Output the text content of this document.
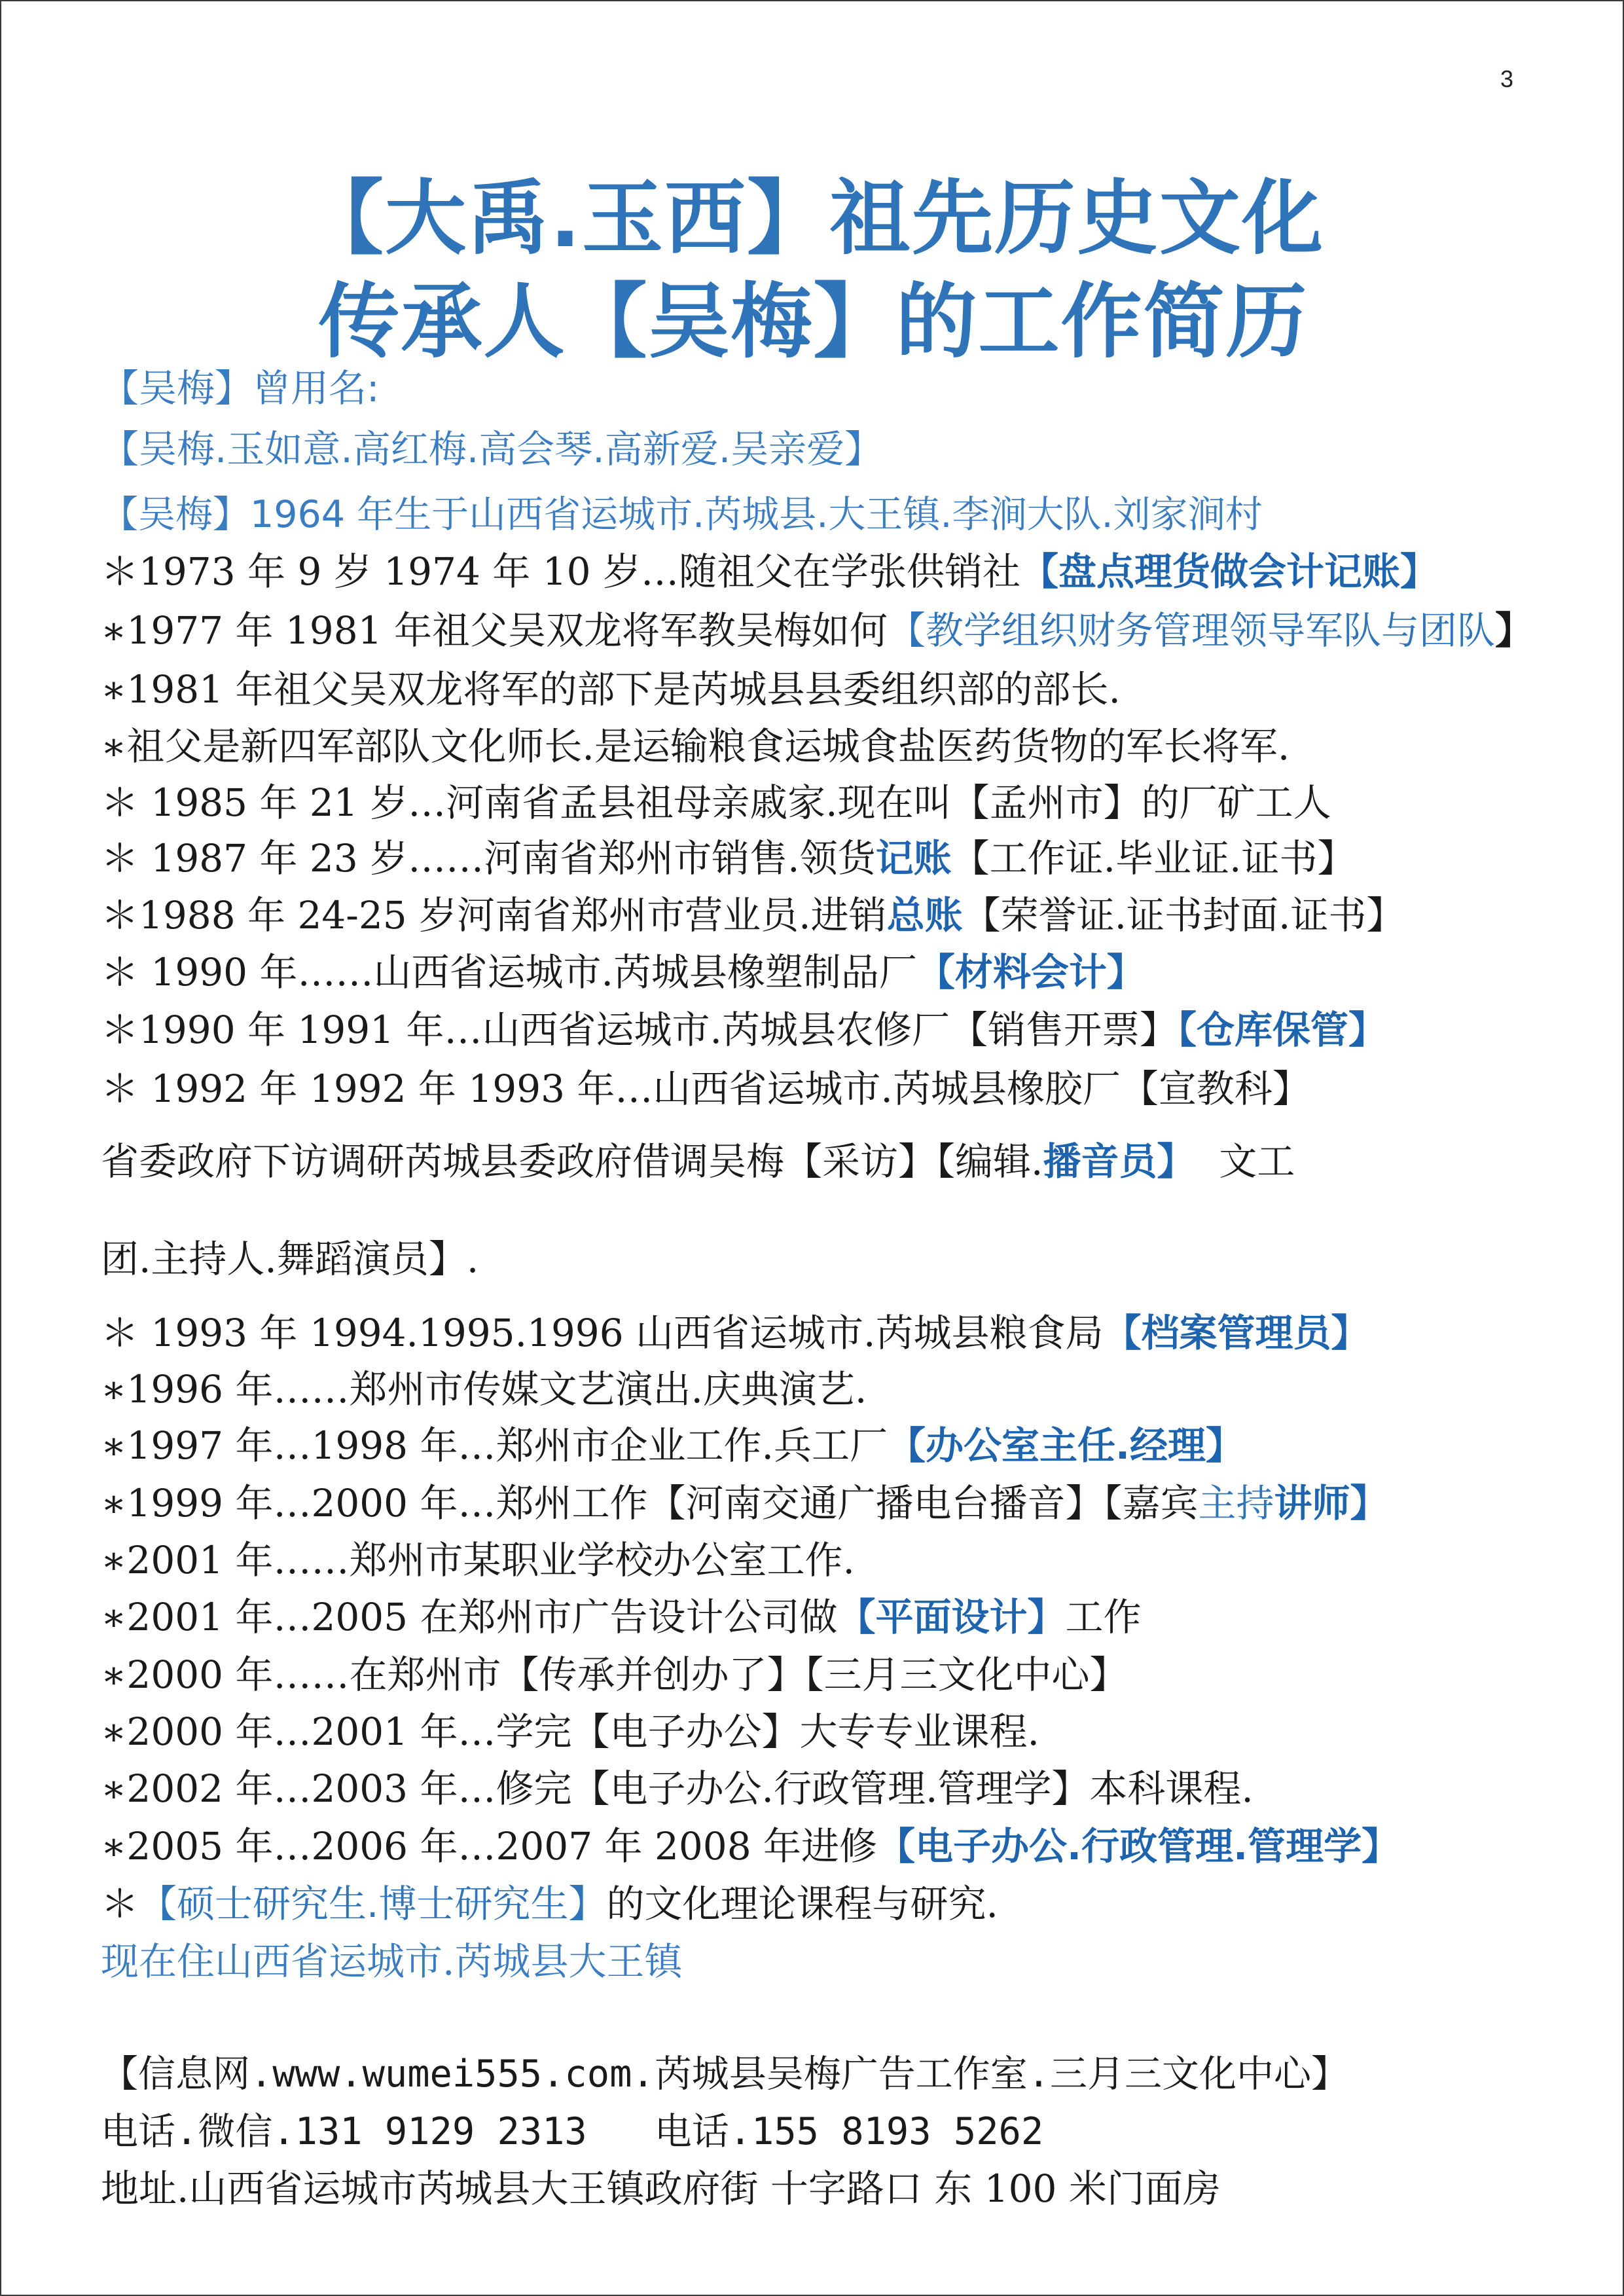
3
【大禹.玉西】祖先历史文化
传承人【吴梅】的工作简历
【吴梅】曾用名:
【吴梅.玉如意.高红梅.高会琴.高新爱.吴亲爱】
【吴梅】1964 年生于山西省运城市.芮城县.大王镇.李涧大队.刘家涧村
＊1973 年 9 岁 1974 年 10 岁…随祖父在学张供销社【盘点理货做会计记账】
∗1977 年 1981 年祖父吴双龙将军教吴梅如何【教学组织财务管理领导军队与团队】
∗1981 年祖父吴双龙将军的部下是芮城县县委组织部的部长.
∗祖父是新四军部队文化师长.是运输粮食运城食盐医药货物的军长将军.
＊ 1985 年 21 岁…河南省孟县祖母亲戚家.现在叫【孟州市】的厂矿工人
＊ 1987 年 23 岁……河南省郑州市销售.领货记账【工作证.毕业证.证书】
＊1988 年 24-25 岁河南省郑州市营业员.进销总账【荣誉证.证书封面.证书】
＊ 1990 年……山西省运城市.芮城县橡塑制品厂【材料会计】
＊1990 年 1991 年…山西省运城市.芮城县农修厂【销售开票】【仓库保管】
＊ 1992 年 1992 年 1993 年…山西省运城市.芮城县橡胶厂【宣教科】
省委政府下访调研芮城县委政府借调吴梅【采访】【编辑.播音员】  文工
团.主持人.舞蹈演员】.
＊ 1993 年 1994.1995.1996 山西省运城市.芮城县粮食局【档案管理员】
∗1996 年……郑州市传媒文艺演出.庆典演艺.
∗1997 年…1998 年…郑州市企业工作.兵工厂【办公室主任.经理】
∗1999 年…2000 年…郑州工作【河南交通广播电台播音】【嘉宾主持讲师】
∗2001 年……郑州市某职业学校办公室工作.
∗2001 年…2005 在郑州市广告设计公司做【平面设计】工作
∗2000 年……在郑州市【传承并创办了】【三月三文化中心】
∗2000 年…2001 年…学完【电子办公】大专专业课程.
∗2002 年…2003 年…修完【电子办公.行政管理.管理学】本科课程.
∗2005 年…2006 年…2007 年 2008 年进修【电子办公.行政管理.管理学】
＊【硕士研究生.博士研究生】的文化理论课程与研究.
现在住山西省运城市.芮城县大王镇
【信息网.www.wumei555.com.芮城县吴梅广告工作室.三月三文化中心】
电话.微信.131 9129 2313   电话.155 8193 5262
地址.山西省运城市芮城县大王镇政府街 十字路口 东 100 米门面房
